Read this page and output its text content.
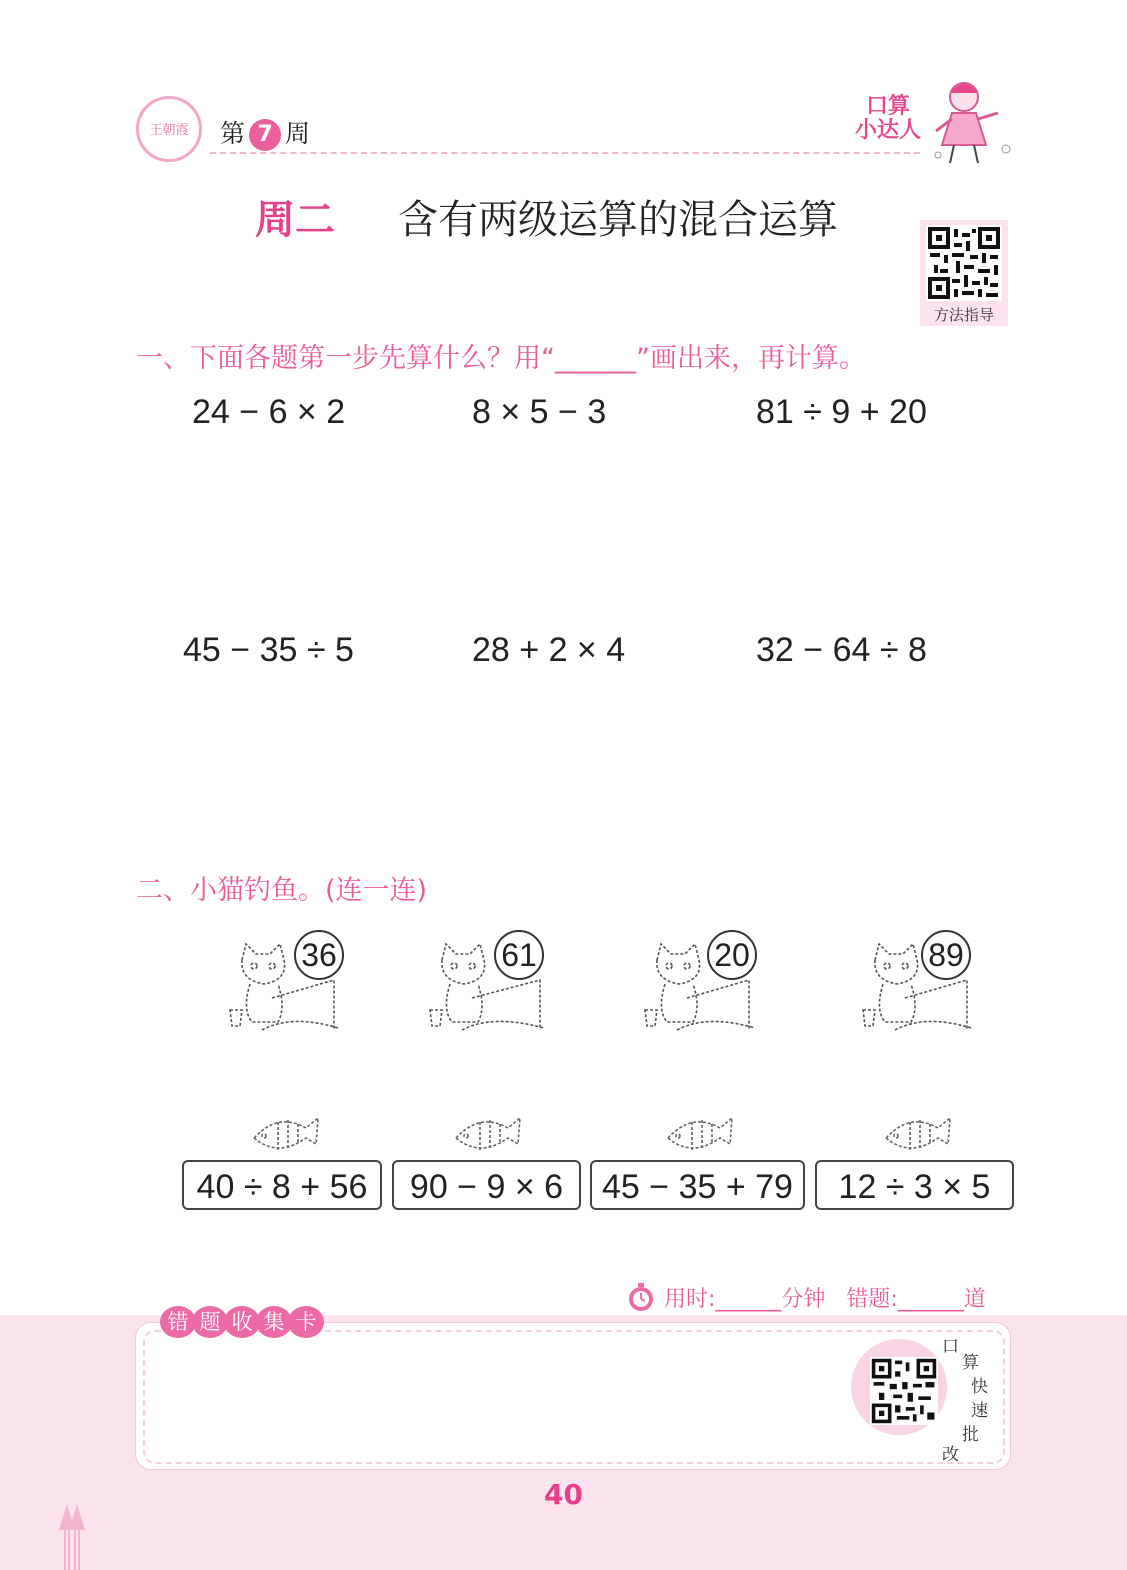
王朝霞	第 7 周
口算
小达人
周二 含有两级运算的混合运算
方法指导
一、下面各题第一步先算什么？用“______”画出来，再计算。
24 − 6 × 2	8 × 5 − 3	81 ÷ 9 + 20
45 − 35 ÷ 5	28 + 2 × 4	32 − 64 ÷ 8
二、小猫钓鱼。(连一连)
36	61	20	89
40 ÷ 8 + 56	90 − 9 × 6	45 − 35 + 79	12 ÷ 3 × 5
用时:______分钟   错题:______道
错 题 收 集 卡
口
算
快
速
批
改
40
